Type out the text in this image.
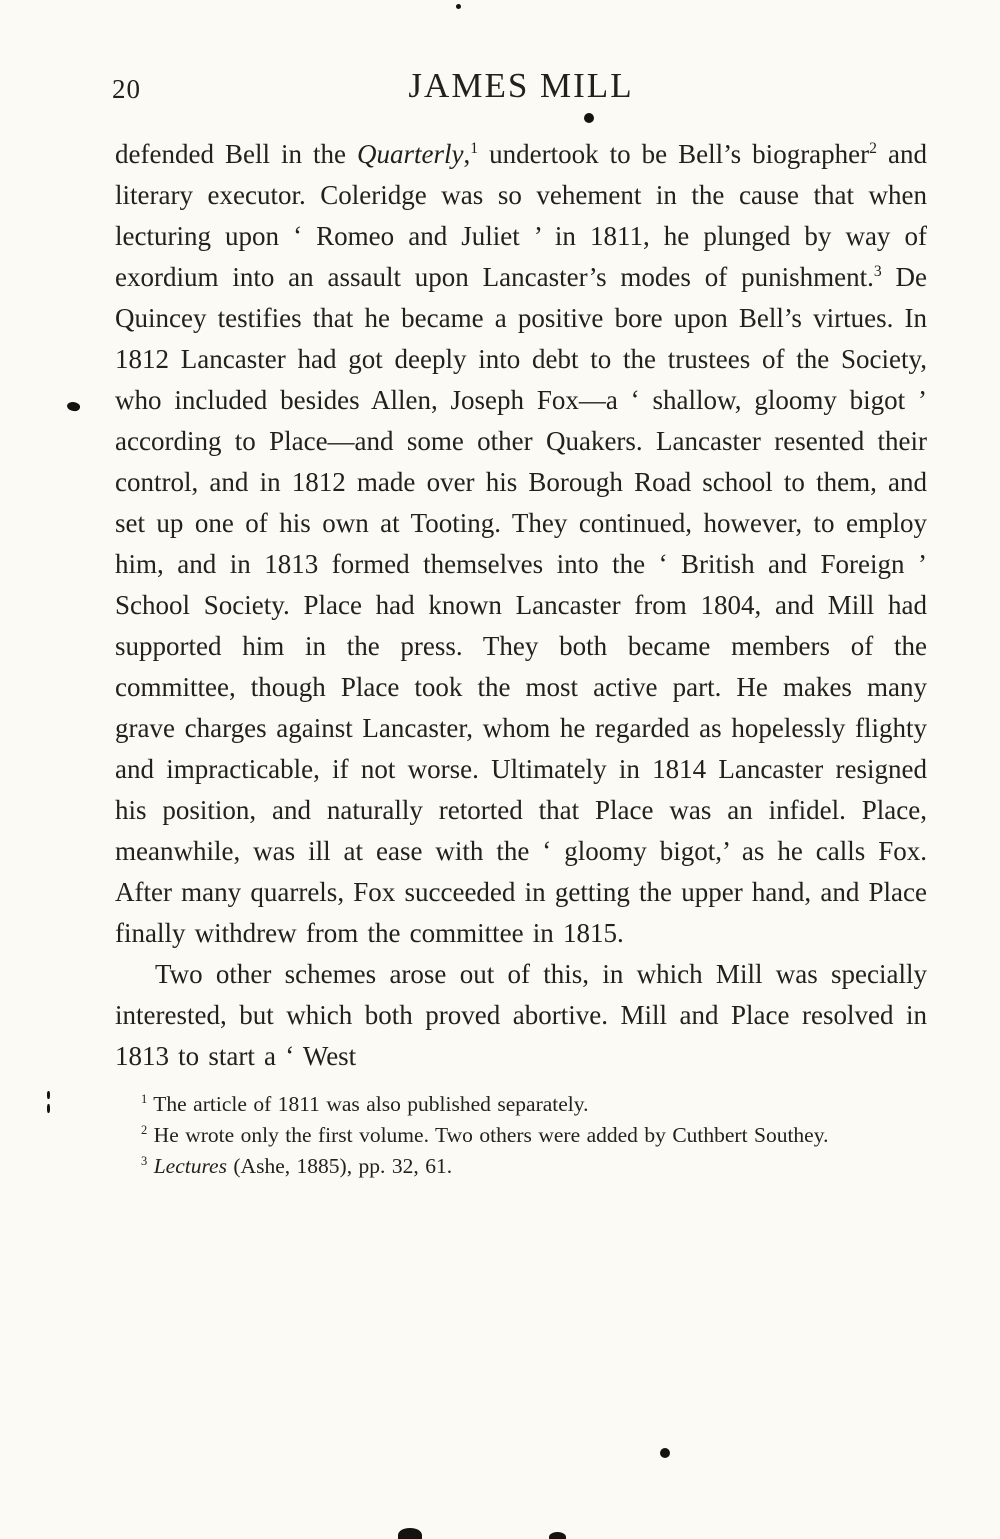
20	JAMES MILL

defended Bell in the Quarterly,$^1$ undertook to be Bell’s biographer$^2$ and literary executor. Coleridge was so vehement in the cause that when lecturing upon ‘ Romeo and Juliet ’ in 1811, he plunged by way of exordium into an assault upon Lancaster’s modes of punishment.$^3$ De Quincey testifies that he became a positive bore upon Bell’s virtues. In 1812 Lancaster had got deeply into debt to the trustees of the Society, who included besides Allen, Joseph Fox—a ‘ shallow, gloomy bigot ’ according to Place—and some other Quakers. Lancaster resented their control, and in 1812 made over his Borough Road school to them, and set up one of his own at Tooting. They continued, however, to employ him, and in 1813 formed themselves into the ‘ British and Foreign ’ School Society. Place had known Lancaster from 1804, and Mill had supported him in the press. They both became members of the committee, though Place took the most active part. He makes many grave charges against Lancaster, whom he regarded as hopelessly flighty and impracticable, if not worse. Ultimately in 1814 Lancaster resigned his position, and naturally retorted that Place was an infidel. Place, meanwhile, was ill at ease with the ‘ gloomy bigot,’ as he calls Fox. After many quarrels, Fox succeeded in getting the upper hand, and Place finally withdrew from the committee in 1815.

Two other schemes arose out of this, in which Mill was specially interested, but which both proved abortive. Mill and Place resolved in 1813 to start a ‘ West

$^1$ The article of 1811 was also published separately.

$^2$ He wrote only the first volume. Two others were added by Cuthbert Southey.

$^3$ Lectures (Ashe, 1885), pp. 32, 61.
